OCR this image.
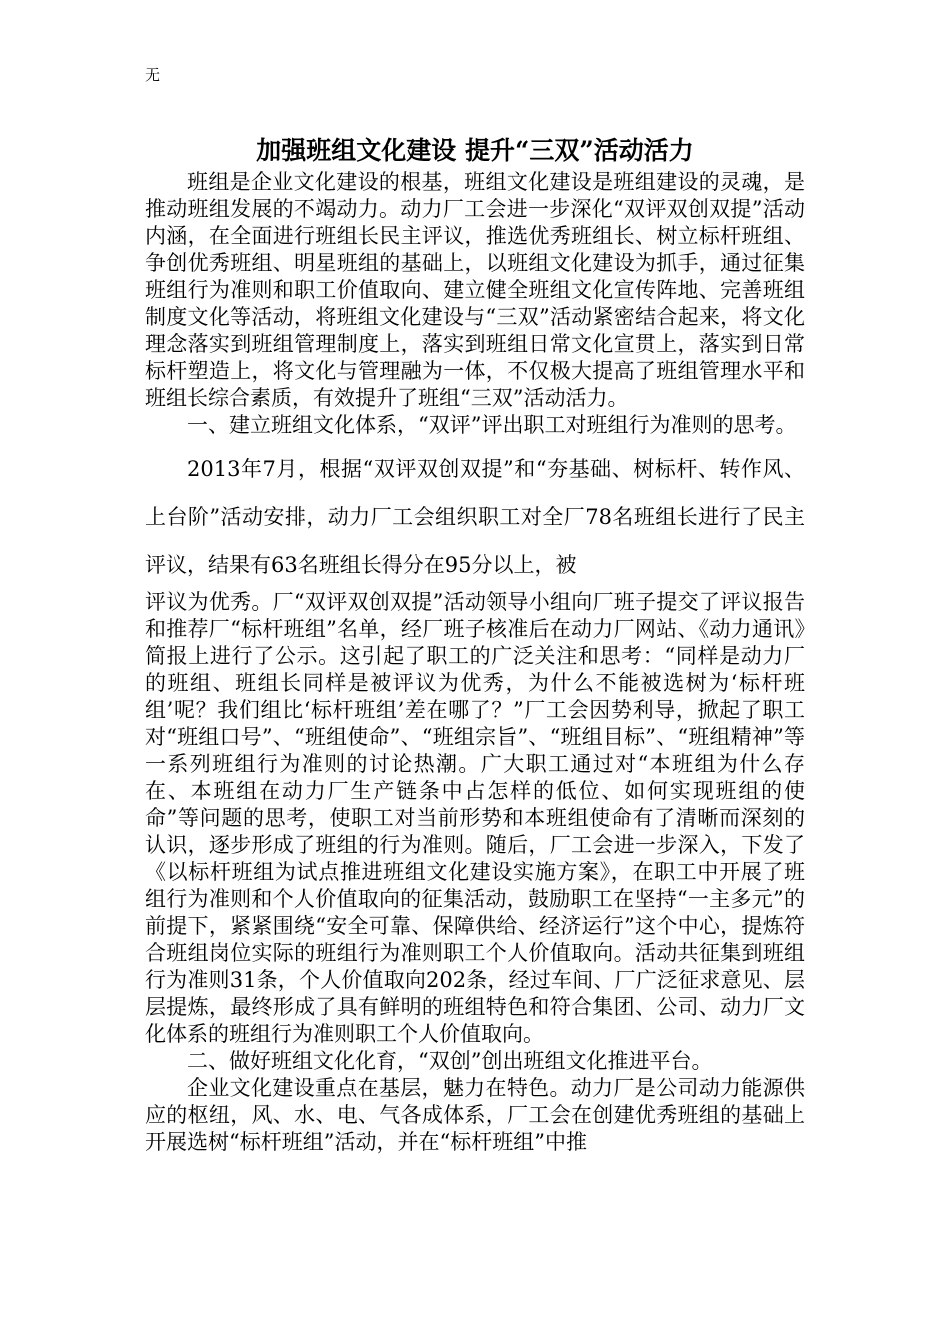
无
加强班组文化建设 提升“三双”活动活力

班组是企业文化建设的根基，班组文化建设是班组建设的灵魂，是推动班组发展的不竭动力。动力厂工会进一步深化“双评双创双提”活动内涵，在全面进行班组长民主评议，推选优秀班组长、树立标杆班组、争创优秀班组、明星班组的基础上，以班组文化建设为抓手，通过征集班组行为准则和职工价值取向、建立健全班组文化宣传阵地、完善班组制度文化等活动，将班组文化建设与“三双”活动紧密结合起来，将文化理念落实到班组管理制度上，落实到班组日常文化宣贯上，落实到日常标杆塑造上，将文化与管理融为一体，不仅极大提高了班组管理水平和班组长综合素质，有效提升了班组“三双”活动活力。

一、建立班组文化体系，“双评”评出职工对班组行为准则的思考。

2013年7月，根据“双评双创双提”和“夯基础、树标杆、转作风、上台阶”活动安排，动力厂工会组织职工对全厂78名班组长进行了民主评议，结果有63名班组长得分在95分以上，被

评议为优秀。厂“双评双创双提”活动领导小组向厂班子提交了评议报告和推荐厂“标杆班组”名单，经厂班子核准后在动力厂网站、《动力通讯》简报上进行了公示。这引起了职工的广泛关注和思考：“同样是动力厂的班组、班组长同样是被评议为优秀，为什么不能被选树为‘标杆班组’呢？我们组比‘标杆班组’差在哪了？”厂工会因势利导，掀起了职工对“班组口号”、“班组使命”、“班组宗旨”、“班组目标”、“班组精神”等一系列班组行为准则的讨论热潮。广大职工通过对“本班组为什么存在、本班组在动力厂生产链条中占怎样的低位、如何实现班组的使命”等问题的思考，使职工对当前形势和本班组使命有了清晰而深刻的认识，逐步形成了班组的行为准则。随后，厂工会进一步深入，下发了《以标杆班组为试点推进班组文化建设实施方案》，在职工中开展了班组行为准则和个人价值取向的征集活动，鼓励职工在坚持“一主多元”的前提下，紧紧围绕“安全可靠、保障供给、经济运行”这个中心，提炼符合班组岗位实际的班组行为准则职工个人价值取向。活动共征集到班组行为准则31条，个人价值取向202条，经过车间、厂广泛征求意见、层层提炼，最终形成了具有鲜明的班组特色和符合集团、公司、动力厂文化体系的班组行为准则职工个人价值取向。

二、做好班组文化化育，“双创”创出班组文化推进平台。

企业文化建设重点在基层，魅力在特色。动力厂是公司动力能源供应的枢纽，风、水、电、气各成体系，厂工会在创建优秀班组的基础上开展选树“标杆班组”活动，并在“标杆班组”中推
